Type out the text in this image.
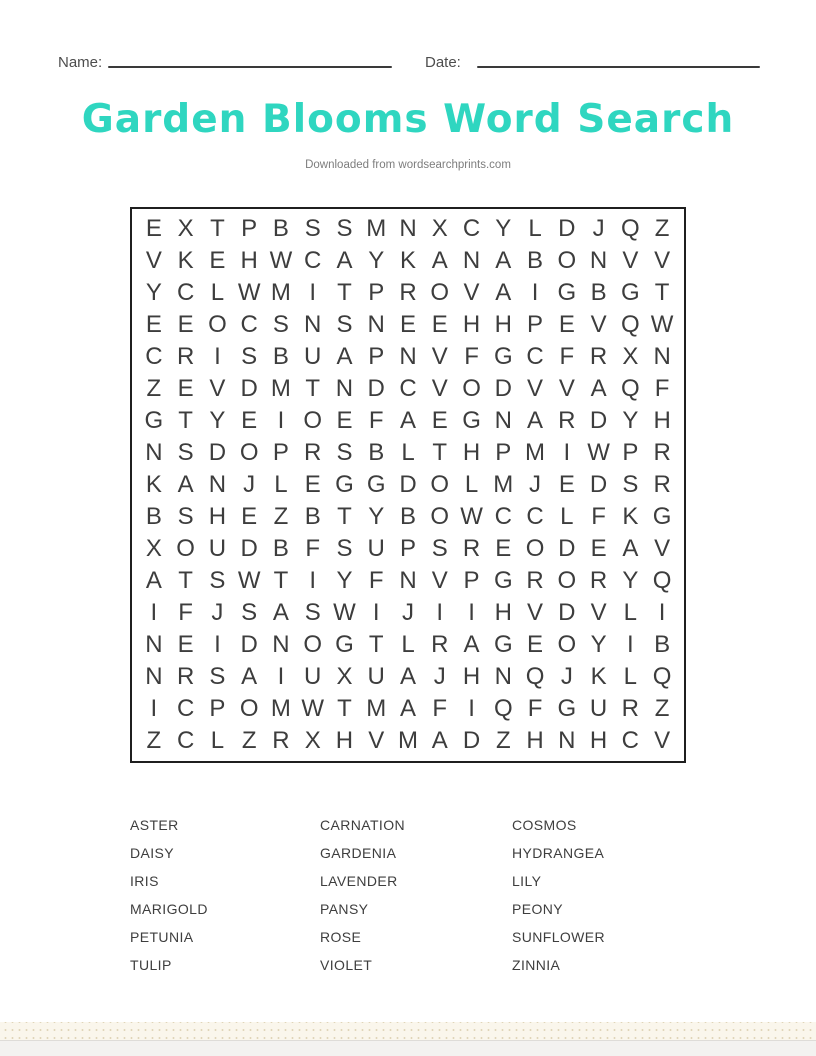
Name:	Date:
Garden Blooms Word Search
Downloaded from wordsearchprints.com
E X T P B S S M N X C Y L D J Q Z
V K E H W C A Y K A N A B O N V V
Y C L W M I T P R O V A I G B G T
E E O C S N S N E E H H P E V Q W
C R I S B U A P N V F G C F R X N
Z E V D M T N D C V O D V V A Q F
G T Y E I O E F A E G N A R D Y H
N S D O P R S B L T H P M I W P R
K A N J L E G G D O L M J E D S R
B S H E Z B T Y B O W C C L F K G
X O U D B F S U P S R E O D E A V
A T S W T I Y F N V P G R O R Y Q
I F J S A S W I J I	I H V D V L I
N E I D N O G T L R A G E O Y I B
N R S A I U X U A J H N Q J K L Q
I C P O M W T M A F I Q F G U R Z
Z C L Z R X H V M A D Z H N H C V
ASTER
DAISY
IRIS
MARIGOLD
PETUNIA
TULIP
CARNATION
GARDENIA
LAVENDER
PANSY
ROSE
VIOLET
COSMOS
HYDRANGEA
LILY
PEONY
SUNFLOWER
ZINNIA
